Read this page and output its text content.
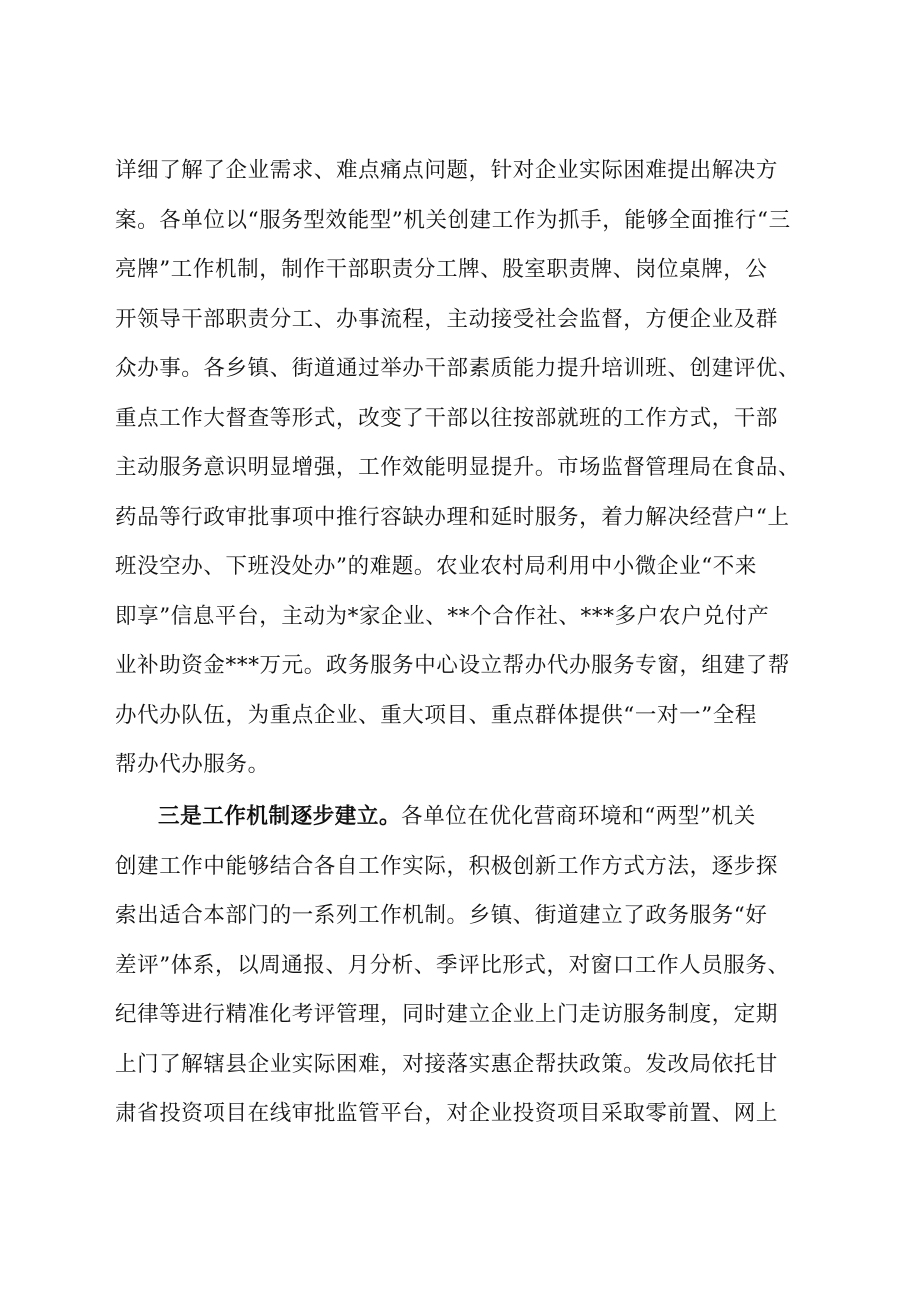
详细了解了企业需求、难点痛点问题，针对企业实际困难提出解决方
案。各单位以“服务型效能型”机关创建工作为抓手，能够全面推行“三
亮牌”工作机制，制作干部职责分工牌、股室职责牌、岗位桌牌，公
开领导干部职责分工、办事流程，主动接受社会监督，方便企业及群
众办事。各乡镇、街道通过举办干部素质能力提升培训班、创建评优、
重点工作大督查等形式，改变了干部以往按部就班的工作方式，干部
主动服务意识明显增强，工作效能明显提升。市场监督管理局在食品、
药品等行政审批事项中推行容缺办理和延时服务，着力解决经营户“上
班没空办、下班没处办”的难题。农业农村局利用中小微企业“不来
即享”信息平台，主动为*家企业、**个合作社、***多户农户兑付产
业补助资金***万元。政务服务中心设立帮办代办服务专窗，组建了帮
办代办队伍，为重点企业、重大项目、重点群体提供“一对一”全程
帮办代办服务。
三是工作机制逐步建立。各单位在优化营商环境和“两型”机关
创建工作中能够结合各自工作实际，积极创新工作方式方法，逐步探
索出适合本部门的一系列工作机制。乡镇、街道建立了政务服务“好
差评”体系，以周通报、月分析、季评比形式，对窗口工作人员服务、
纪律等进行精准化考评管理，同时建立企业上门走访服务制度，定期
上门了解辖县企业实际困难，对接落实惠企帮扶政策。发改局依托甘
肃省投资项目在线审批监管平台，对企业投资项目采取零前置、网上
